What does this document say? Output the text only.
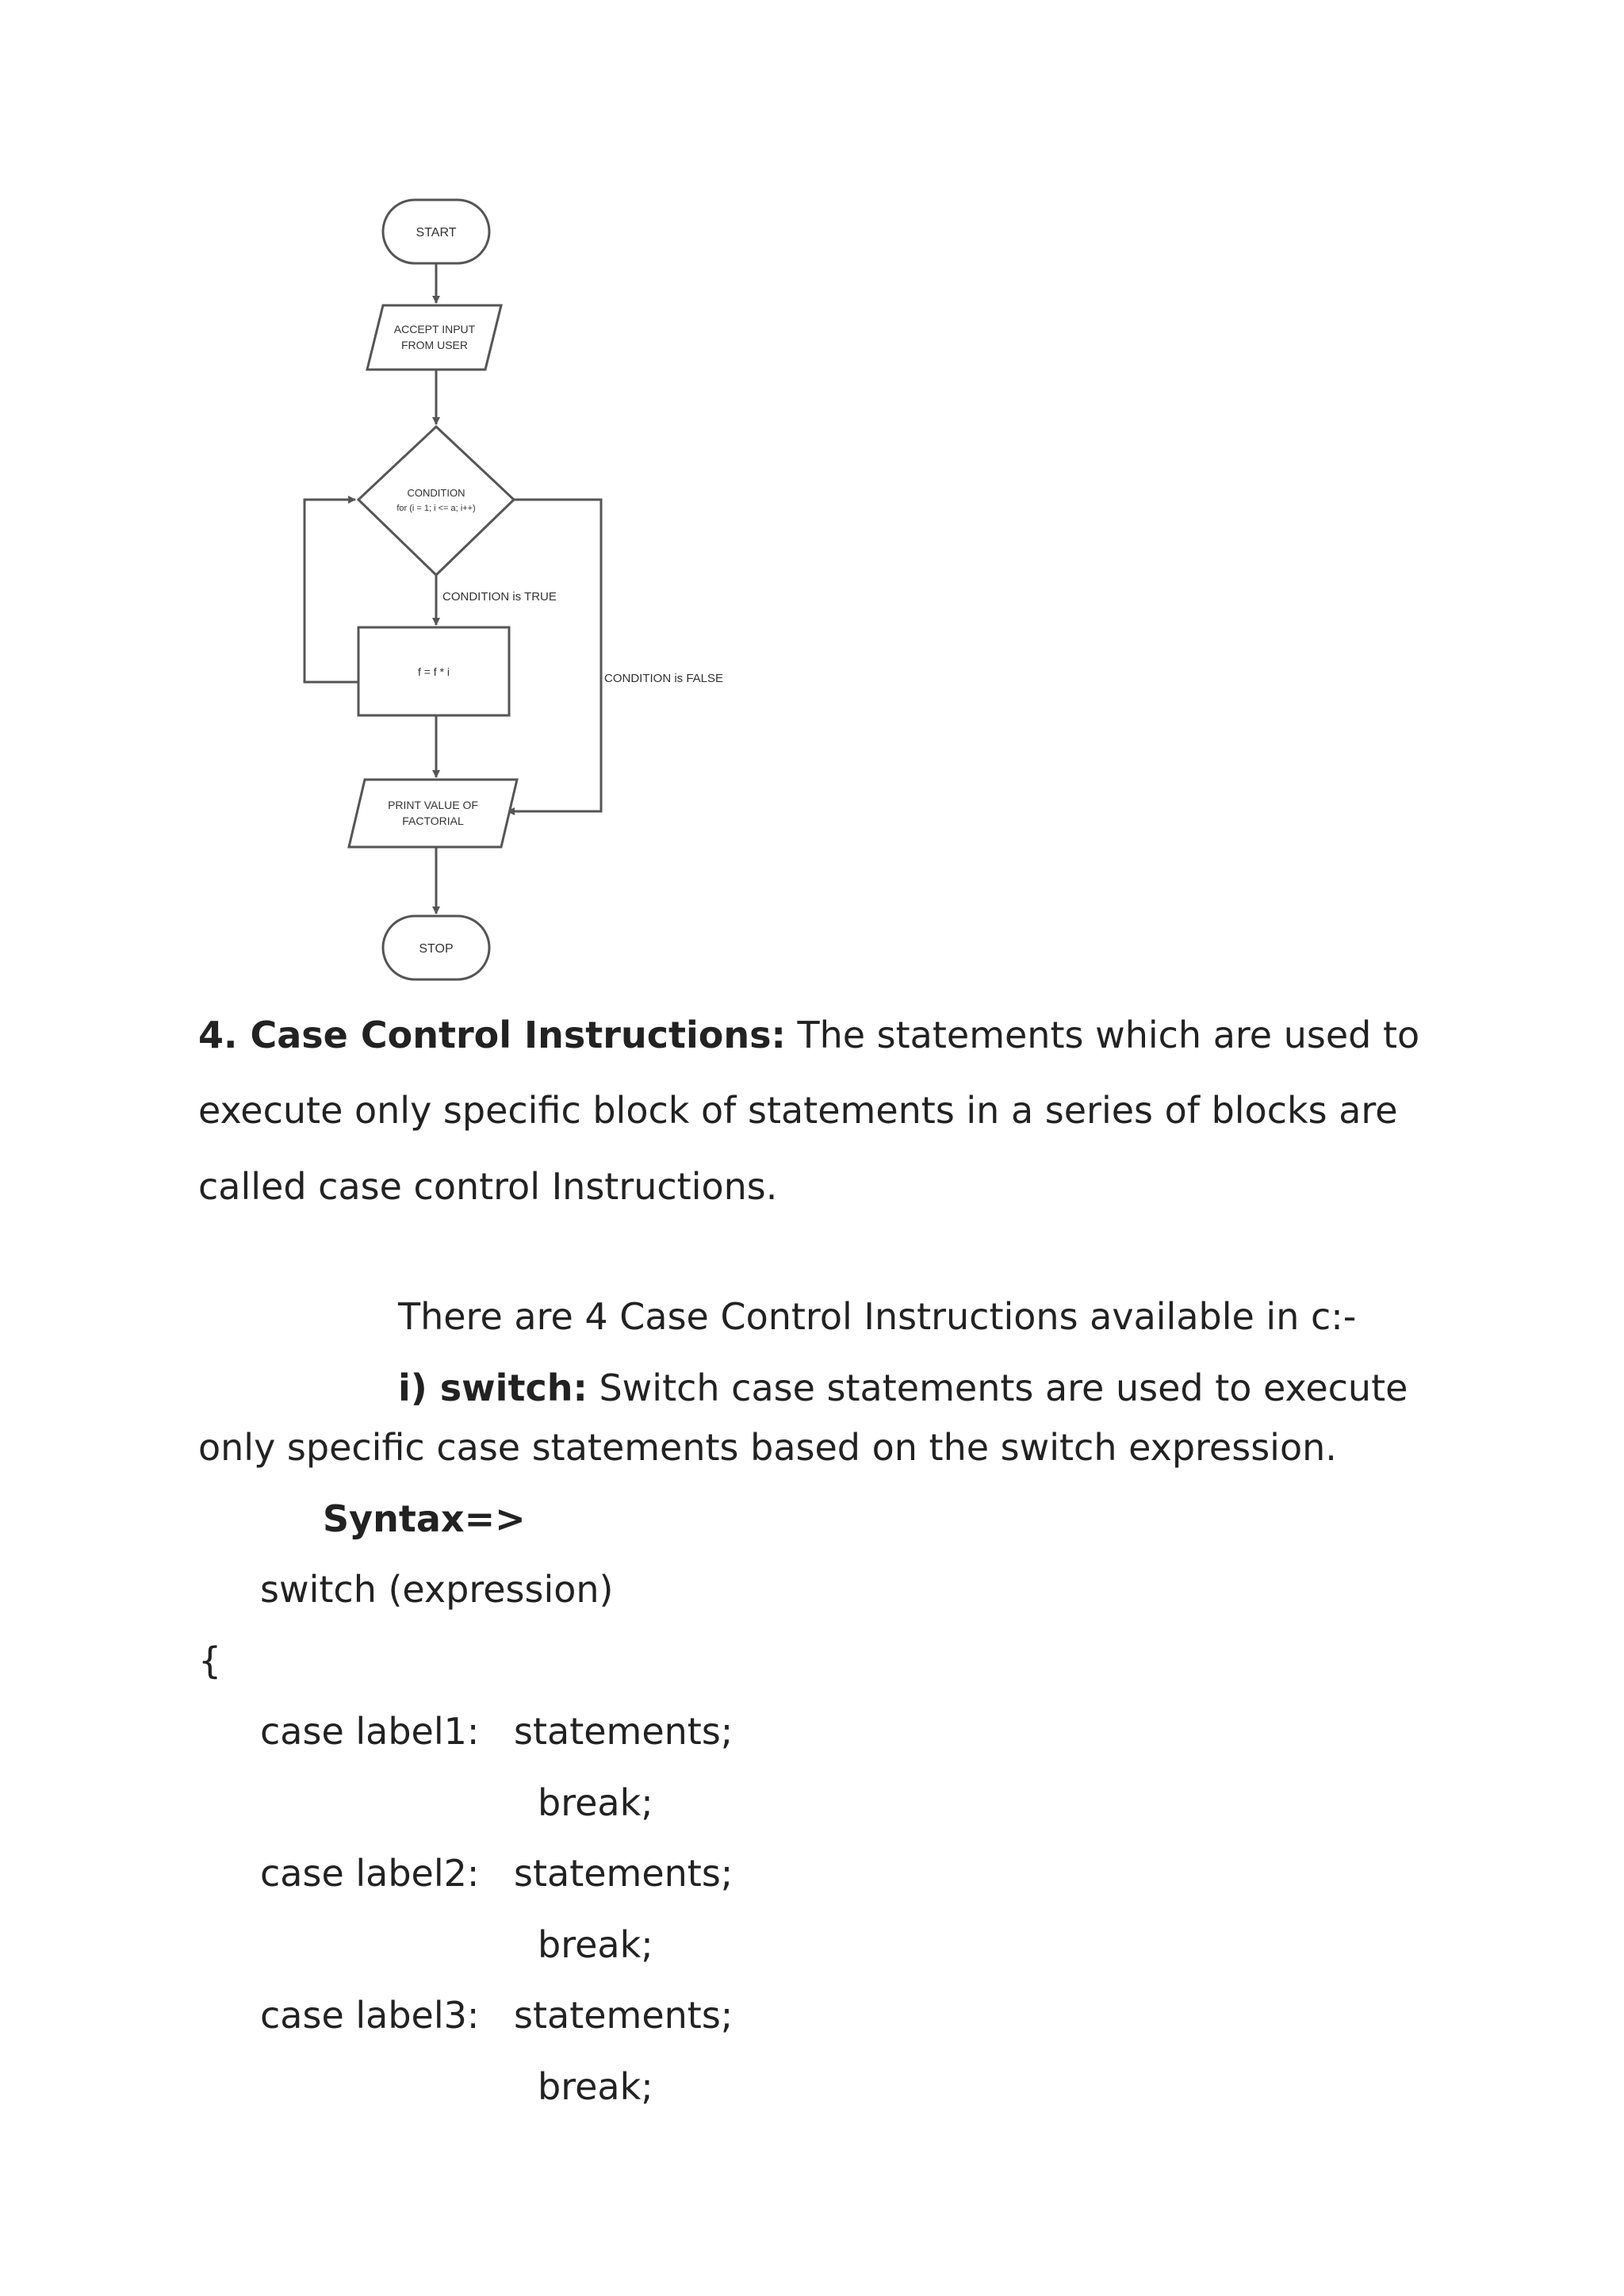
START
ACCEPT INPUT
FROM USER
CONDITION
for (i = 1; i <= a; i++)
CONDITION is TRUE
f = f * i	CONDITION is FALSE
PRINT VALUE OF
FACTORIAL
STOP
4. Case Control Instructions: The statements which are used to
execute only specific block of statements in a series of blocks are
called case control Instructions.
There are 4 Case Control Instructions available in c:-
i) switch: Switch case statements are used to execute
only specific case statements based on the switch expression.
Syntax=>
switch (expression)
{
case label1: statements;
break;
case label2: statements;
break;
case label3: statements;
break;
